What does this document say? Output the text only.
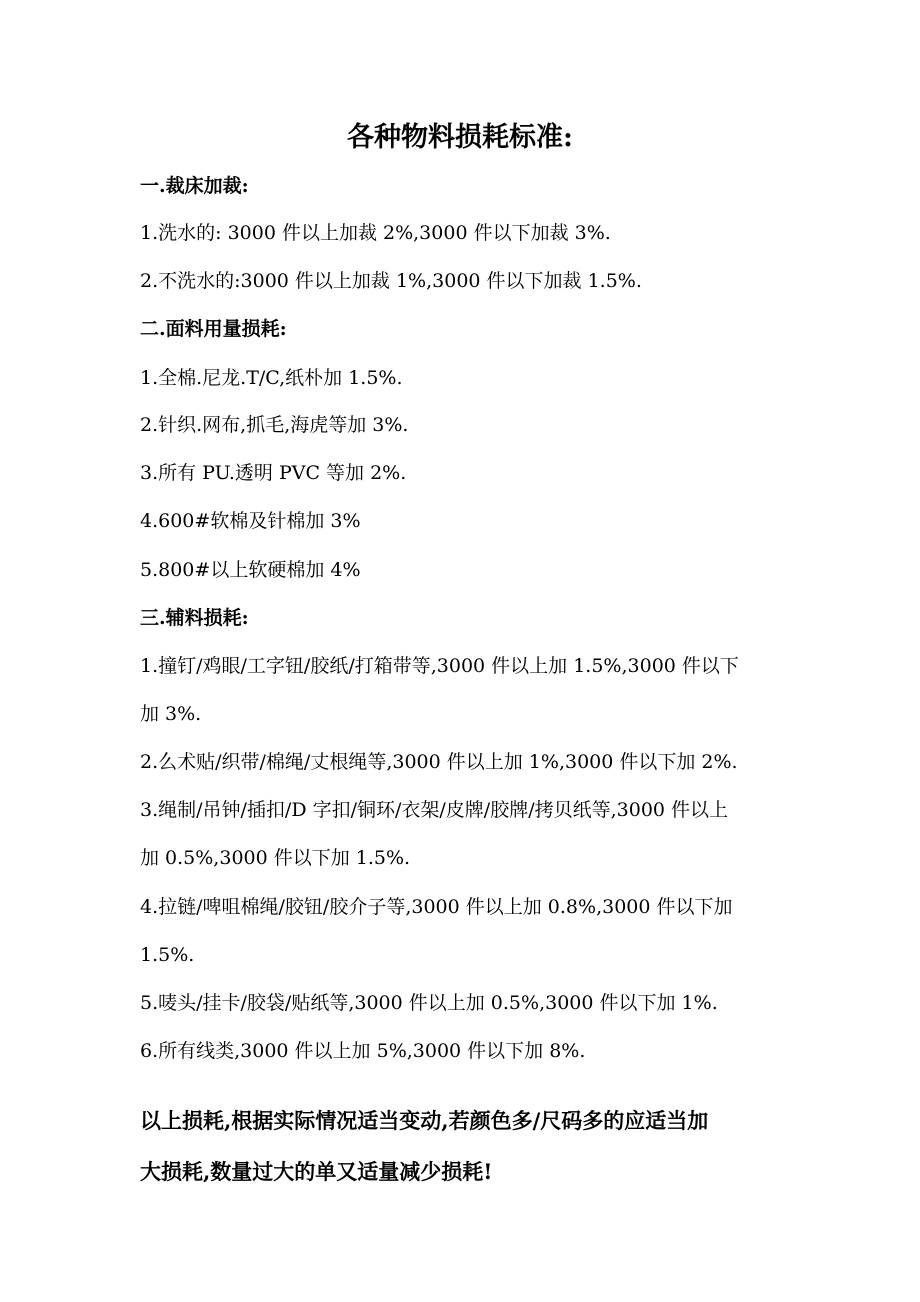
各种物料损耗标准:
一.裁床加裁:
1.洗水的: 3000 件以上加裁 2%,3000 件以下加裁 3%.
2.不洗水的:3000 件以上加裁 1%,3000 件以下加裁 1.5%.
二.面料用量损耗:
1.全棉.尼龙.T/C,纸朴加 1.5%.
2.针织.网布,抓毛,海虎等加 3%.
3.所有 PU.透明 PVC 等加 2%.
4.600#软棉及针棉加 3%
5.800#以上软硬棉加 4%
三.辅料损耗:
1.撞钉/鸡眼/工字钮/胶纸/打箱带等,3000 件以上加 1.5%,3000 件以下
加 3%.
2.么术贴/织带/棉绳/丈根绳等,3000 件以上加 1%,3000 件以下加 2%.
3.绳制/吊钟/插扣/D 字扣/铜环/衣架/皮牌/胶牌/拷贝纸等,3000 件以上
加 0.5%,3000 件以下加 1.5%.
4.拉链/啤咀棉绳/胶钮/胶介子等,3000 件以上加 0.8%,3000 件以下加
1.5%.
5.唛头/挂卡/胶袋/贴纸等,3000 件以上加 0.5%,3000 件以下加 1%.
6.所有线类,3000 件以上加 5%,3000 件以下加 8%.
以上损耗,根据实际情况适当变动,若颜色多/尺码多的应适当加
大损耗,数量过大的单又适量减少损耗!
